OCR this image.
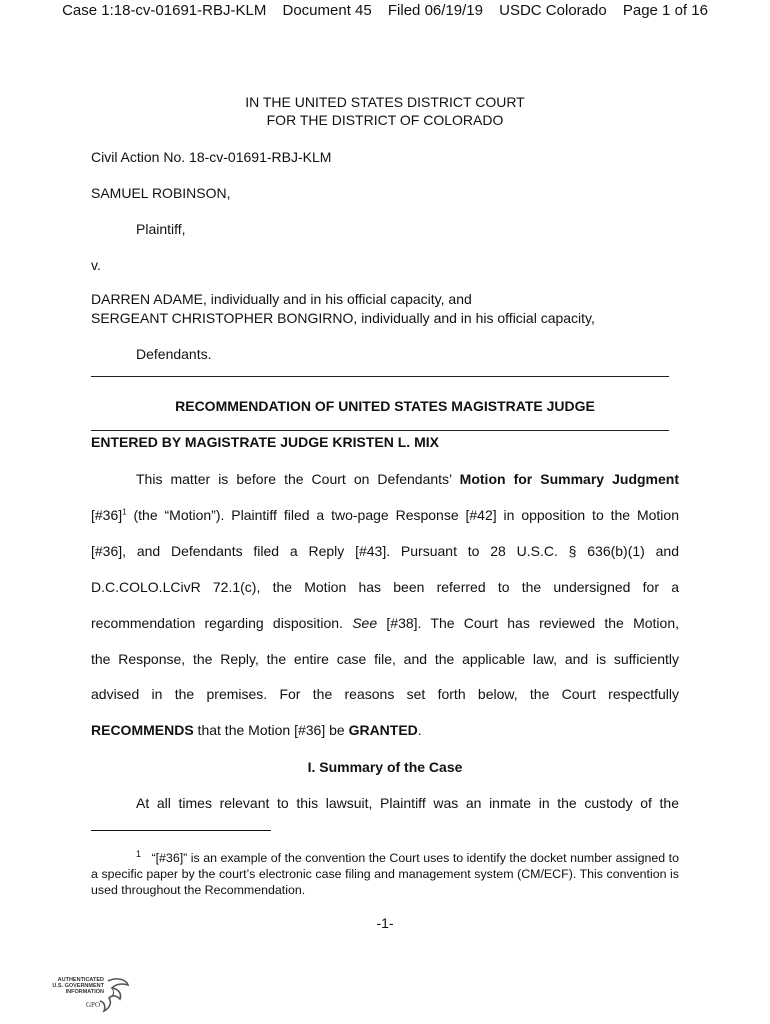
Case 1:18-cv-01691-RBJ-KLM Document 45 Filed 06/19/19 USDC Colorado Page 1 of 16
IN THE UNITED STATES DISTRICT COURT
FOR THE DISTRICT OF COLORADO
Civil Action No. 18-cv-01691-RBJ-KLM
SAMUEL ROBINSON,
Plaintiff,
v.
DARREN ADAME, individually and in his official capacity, and
SERGEANT CHRISTOPHER BONGIRNO, individually and in his official capacity,
Defendants.
RECOMMENDATION OF UNITED STATES MAGISTRATE JUDGE
ENTERED BY MAGISTRATE JUDGE KRISTEN L. MIX
This matter is before the Court on Defendants’ Motion for Summary Judgment
[#36]$^1$ (the “Motion”). Plaintiff filed a two-page Response [#42] in opposition to the Motion
[#36], and Defendants filed a Reply [#43]. Pursuant to 28 U.S.C. § 636(b)(1) and
D.C.COLO.LCivR 72.1(c), the Motion has been referred to the undersigned for a
recommendation regarding disposition. See [#38]. The Court has reviewed the Motion,
the Response, the Reply, the entire case file, and the applicable law, and is sufficiently
advised in the premises. For the reasons set forth below, the Court respectfully
RECOMMENDS that the Motion [#36] be GRANTED.
I. Summary of the Case
At all times relevant to this lawsuit, Plaintiff was an inmate in the custody of the
$^1$ “[#36]” is an example of the convention the Court uses to identify the docket number assigned to a specific paper by the court’s electronic case filing and management system (CM/ECF). This convention is used throughout the Recommendation.
-1-
AUTHENTICATED
U.S. GOVERNMENT
INFORMATION
GPO
